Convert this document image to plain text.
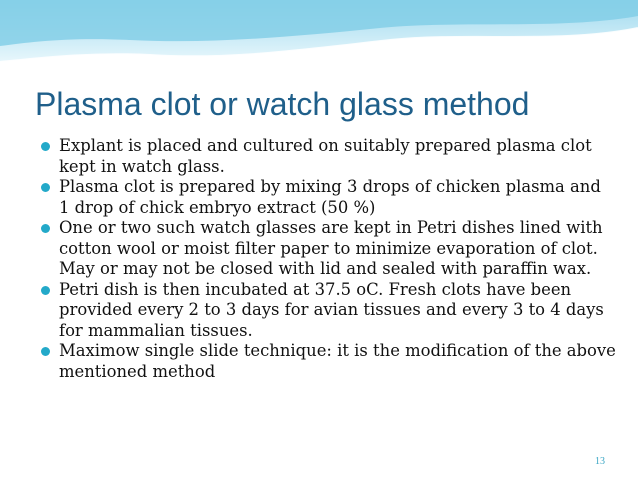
Plasma clot or watch glass method
Explant is placed and cultured on suitably prepared plasma clot kept in watch glass.
Plasma clot is prepared by mixing 3 drops of chicken plasma and 1 drop of chick embryo extract (50 %)
One or two such watch glasses are kept in Petri dishes lined with cotton wool or moist filter paper to minimize evaporation of clot. May or may not be closed with lid and sealed with paraffin wax.
Petri dish is then incubated at 37.5 oC. Fresh clots have been provided every 2 to 3 days for avian tissues and every 3 to 4 days for mammalian tissues.
Maximow single slide technique: it is the modification of the above mentioned method
13
